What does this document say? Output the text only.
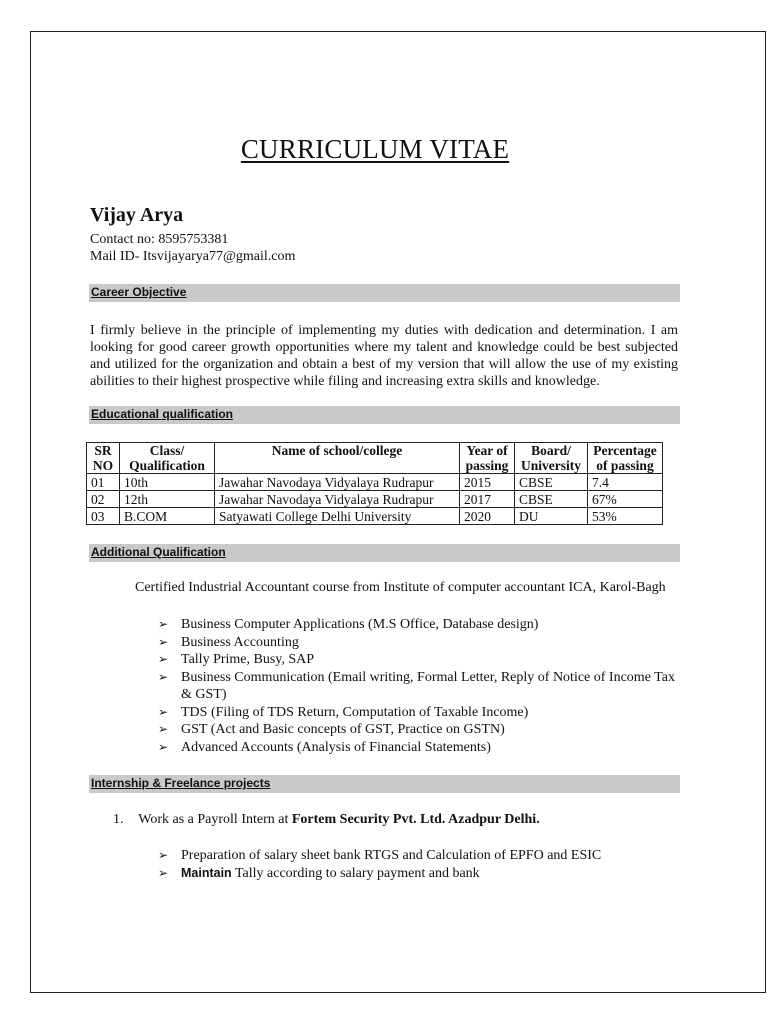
CURRICULUM VITAE
Vijay Arya
Contact no: 8595753381
Mail ID- Itsvijayarya77@gmail.com
Career Objective
I firmly believe in the principle of implementing my duties with dedication and determination. I am looking for good career growth opportunities where my talent and knowledge could be best subjected and utilized for the organization and obtain a best of my version that will allow the use of my existing abilities to their highest prospective while filing and increasing extra skills and knowledge.
Educational qualification
SR NO	Class/ Qualification	Name of school/college	Year of passing	Board/ University	Percentage of passing
01	10th	Jawahar Navodaya Vidyalaya Rudrapur	2015	CBSE	7.4
02	12th	Jawahar Navodaya Vidyalaya Rudrapur	2017	CBSE	67%
03	B.COM	Satyawati College Delhi University	2020	DU	53%
Additional Qualification
Certified Industrial Accountant course from Institute of computer accountant ICA, Karol-Bagh
➢ Business Computer Applications (M.S Office, Database design)
➢ Business Accounting
➢ Tally Prime, Busy, SAP
➢ Business Communication (Email writing, Formal Letter, Reply of Notice of Income Tax & GST)
➢ TDS (Filing of TDS Return, Computation of Taxable Income)
➢ GST (Act and Basic concepts of GST, Practice on GSTN)
➢ Advanced Accounts (Analysis of Financial Statements)
Internship & Freelance projects
1. Work as a Payroll Intern at Fortem Security Pvt. Ltd. Azadpur Delhi.
➢ Preparation of salary sheet bank RTGS and Calculation of EPFO and ESIC
➢ Maintain Tally according to salary payment and bank
